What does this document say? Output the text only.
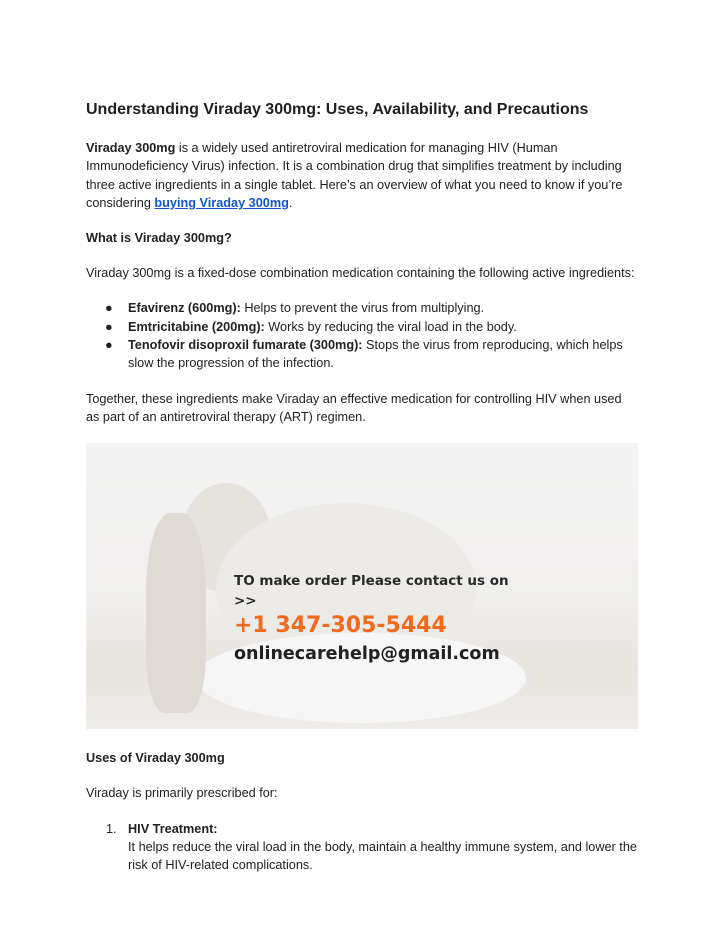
Understanding Viraday 300mg: Uses, Availability, and Precautions

Viraday 300mg is a widely used antiretroviral medication for managing HIV (Human Immunodeficiency Virus) infection. It is a combination drug that simplifies treatment by including three active ingredients in a single tablet. Here’s an overview of what you need to know if you’re considering buying Viraday 300mg.

What is Viraday 300mg?

Viraday 300mg is a fixed-dose combination medication containing the following active ingredients:

● Efavirenz (600mg): Helps to prevent the virus from multiplying.
● Emtricitabine (200mg): Works by reducing the viral load in the body.
● Tenofovir disoproxil fumarate (300mg): Stops the virus from reproducing, which helps slow the progression of the infection.

Together, these ingredients make Viraday an effective medication for controlling HIV when used as part of an antiretroviral therapy (ART) regimen.

TO make order Please contact us on >>
+1 347-305-5444
onlinecarehelp@gmail.com
Uses of Viraday 300mg

Viraday is primarily prescribed for:

1. HIV Treatment:
It helps reduce the viral load in the body, maintain a healthy immune system, and lower the risk of HIV-related complications.
